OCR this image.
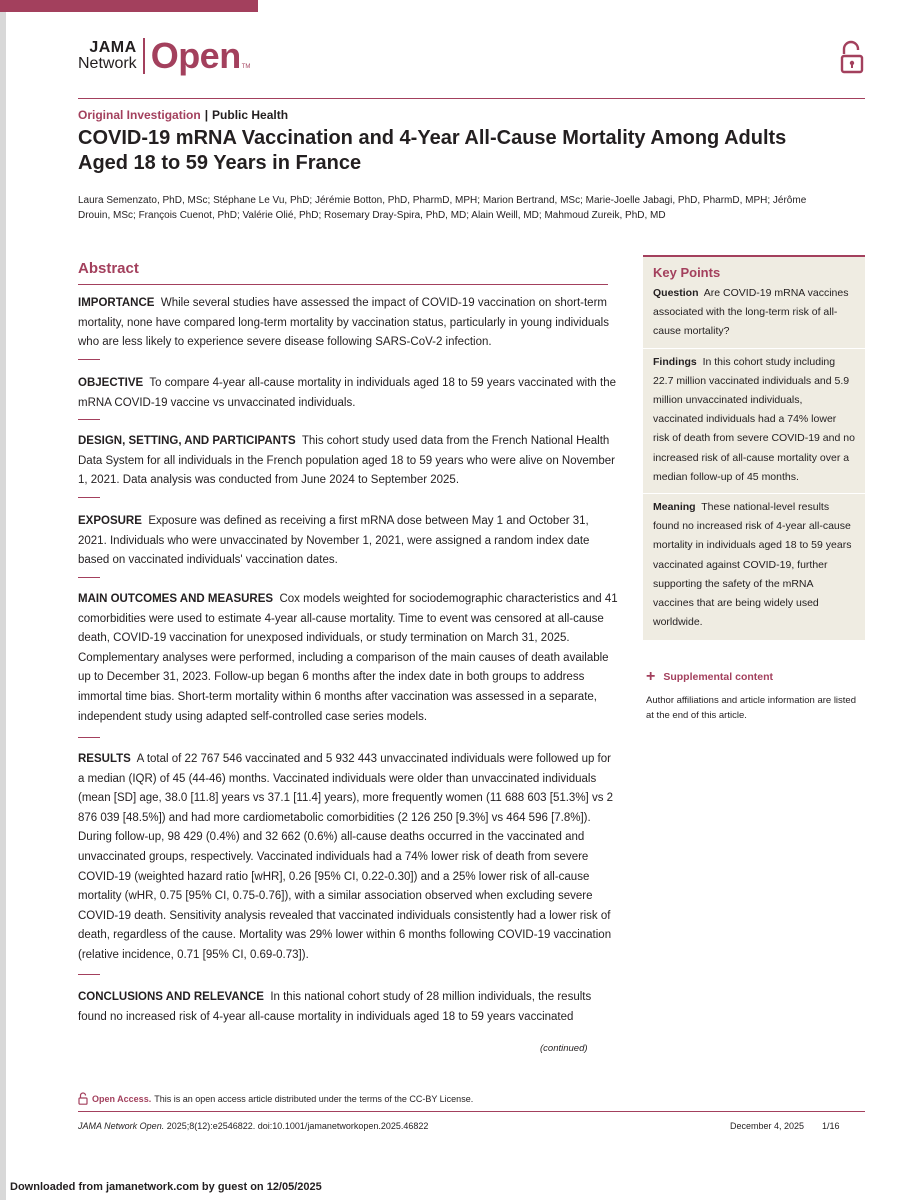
JAMA
Network Open TM
Original Investigation | Public Health
COVID-19 mRNA Vaccination and 4-Year All-Cause Mortality Among Adults Aged 18 to 59 Years in France
Laura Semenzato, PhD, MSc; Stéphane Le Vu, PhD; Jérémie Botton, PhD, PharmD, MPH; Marion Bertrand, MSc; Marie-Joelle Jabagi, PhD, PharmD, MPH; Jérôme Drouin, MSc; François Cuenot, PhD; Valérie Olié, PhD; Rosemary Dray-Spira, PhD, MD; Alain Weill, MD; Mahmoud Zureik, PhD, MD
Abstract
IMPORTANCE While several studies have assessed the impact of COVID-19 vaccination on short-term mortality, none have compared long-term mortality by vaccination status, particularly in young individuals who are less likely to experience severe disease following SARS-CoV-2 infection.
OBJECTIVE To compare 4-year all-cause mortality in individuals aged 18 to 59 years vaccinated with the mRNA COVID-19 vaccine vs unvaccinated individuals.
DESIGN, SETTING, AND PARTICIPANTS This cohort study used data from the French National Health Data System for all individuals in the French population aged 18 to 59 years who were alive on November 1, 2021. Data analysis was conducted from June 2024 to September 2025.
EXPOSURE Exposure was defined as receiving a first mRNA dose between May 1 and October 31, 2021. Individuals who were unvaccinated by November 1, 2021, were assigned a random index date based on vaccinated individuals' vaccination dates.
MAIN OUTCOMES AND MEASURES Cox models weighted for sociodemographic characteristics and 41 comorbidities were used to estimate 4-year all-cause mortality. Time to event was censored at all-cause death, COVID-19 vaccination for unexposed individuals, or study termination on March 31, 2025. Complementary analyses were performed, including a comparison of the main causes of death available up to December 31, 2023. Follow-up began 6 months after the index date in both groups to address immortal time bias. Short-term mortality within 6 months after vaccination was assessed in a separate, independent study using adapted self-controlled case series models.
RESULTS A total of 22 767 546 vaccinated and 5 932 443 unvaccinated individuals were followed up for a median (IQR) of 45 (44-46) months. Vaccinated individuals were older than unvaccinated individuals (mean [SD] age, 38.0 [11.8] years vs 37.1 [11.4] years), more frequently women (11 688 603 [51.3%] vs 2 876 039 [48.5%]) and had more cardiometabolic comorbidities (2 126 250 [9.3%] vs 464 596 [7.8%]). During follow-up, 98 429 (0.4%) and 32 662 (0.6%) all-cause deaths occurred in the vaccinated and unvaccinated groups, respectively. Vaccinated individuals had a 74% lower risk of death from severe COVID-19 (weighted hazard ratio [wHR], 0.26 [95% CI, 0.22-0.30]) and a 25% lower risk of all-cause mortality (wHR, 0.75 [95% CI, 0.75-0.76]), with a similar association observed when excluding severe COVID-19 death. Sensitivity analysis revealed that vaccinated individuals consistently had a lower risk of death, regardless of the cause. Mortality was 29% lower within 6 months following COVID-19 vaccination (relative incidence, 0.71 [95% CI, 0.69-0.73]).
CONCLUSIONS AND RELEVANCE In this national cohort study of 28 million individuals, the results found no increased risk of 4-year all-cause mortality in individuals aged 18 to 59 years vaccinated
(continued)
Key Points
Question Are COVID-19 mRNA vaccines associated with the long-term risk of all-cause mortality?
Findings In this cohort study including 22.7 million vaccinated individuals and 5.9 million unvaccinated individuals, vaccinated individuals had a 74% lower risk of death from severe COVID-19 and no increased risk of all-cause mortality over a median follow-up of 45 months.
Meaning These national-level results found no increased risk of 4-year all-cause mortality in individuals aged 18 to 59 years vaccinated against COVID-19, further supporting the safety of the mRNA vaccines that are being widely used worldwide.
+ Supplemental content
Author affiliations and article information are listed at the end of this article.
Open Access. This is an open access article distributed under the terms of the CC-BY License.
JAMA Network Open. 2025;8(12):e2546822. doi:10.1001/jamanetworkopen.2025.46822	December 4, 2025 1/16
Downloaded from jamanetwork.com by guest on 12/05/2025
